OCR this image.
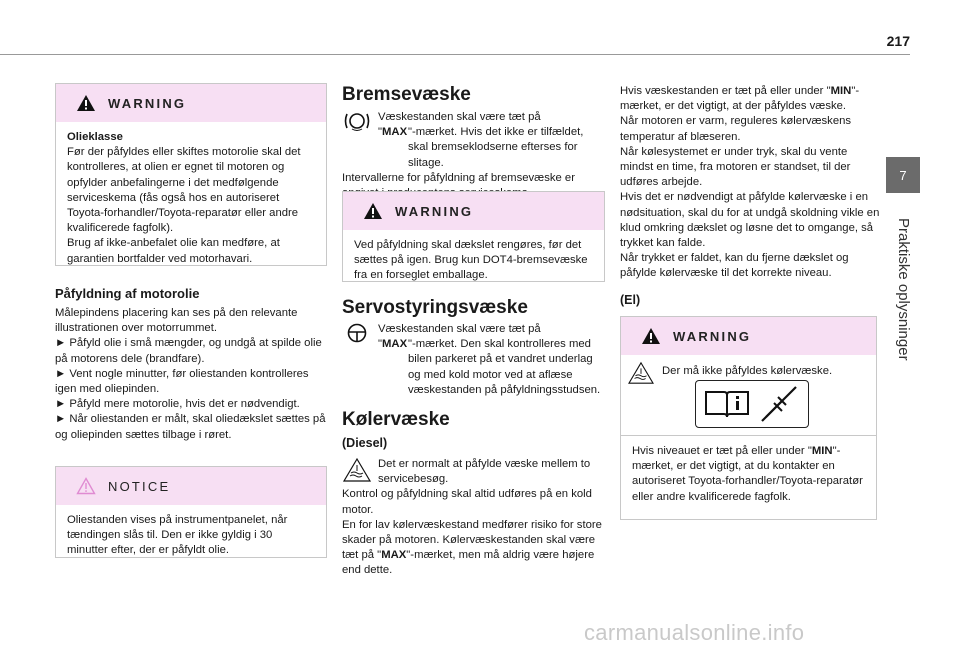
217
7
Praktiske oplysninger
WARNING

Olieklasse

Før der påfyldes eller skiftes motorolie skal det kontrolleres, at olien er egnet til motoren og opfylder anbefalingerne i det medfølgende serviceskema (fås også hos en autoriseret Toyota-forhandler/Toyota-reparatør eller andre kvalificerede fagfolk).

Brug af ikke-anbefalet olie kan medføre, at garantien bortfalder ved motorhavari.

Påfyldning af motorolie

Målepindens placering kan ses på den relevante illustrationen over motorrummet.

► Påfyld olie i små mængder, og undgå at spilde olie på motorens dele (brandfare).

► Vent nogle minutter, før oliestanden kontrolleres igen med oliepinden.

► Påfyld mere motorolie, hvis det er nødvendigt.

► Når oliestanden er målt, skal oliedækslet sættes på og oliepinden sættes tilbage i røret.

NOTICE

Oliestanden vises på instrumentpanelet, når tændingen slås til. Den er ikke gyldig i 30 minutter efter, der er påfyldt olie.

Bremsevæske

Væskestanden skal være tæt på

"MAX "-mærket. Hvis det ikke er tilfældet, skal bremseklodserne efterses for slitage.

Intervallerne for påfyldning af bremsevæske er

WARNING

Ved påfyldning skal dækslet rengøres, før det sættes på igen. Brug kun DOT4-bremsevæske fra en forseglet emballage.

Servostyringsvæske

Væskestanden skal være tæt på

"MAX "-mærket. Den skal kontrolleres med bilen parkeret på et vandret underlag og med kold motor ved at aflæse væskestanden på påfyldningsstudsen.

Kølervæske
(Diesel)

Det er normalt at påfylde væske mellem to servicebesøg.

Kontrol og påfyldning skal altid udføres på en kold motor.

En for lav kølervæskestand medfører risiko for store skader på motoren. Kølervæskestanden skal være tæt på "MAX"-mærket, men må aldrig være højere end dette.

Hvis væskestanden er tæt på eller under "MIN"-mærket, er det vigtigt, at der påfyldes væske.

Når motoren er varm, reguleres kølervæskens temperatur af blæseren.

Når kølesystemet er under tryk, skal du vente mindst en time, fra motoren er standset, til der udføres arbejde.

Hvis det er nødvendigt at påfylde kølervæske i en nødsituation, skal du for at undgå skoldning vikle en klud omkring dækslet og løsne det to omgange, så trykket kan falde.

Når trykket er faldet, kan du fjerne dækslet og påfylde kølervæske til det korrekte niveau.

(El)
WARNING

Der må ikke påfyldes kølervæske.

Hvis niveauet er tæt på eller under "MIN"-mærket, er det vigtigt, at du kontakter en autoriseret Toyota-forhandler/Toyota-reparatør eller andre kvalificerede fagfolk.

carmanualsonline.info
